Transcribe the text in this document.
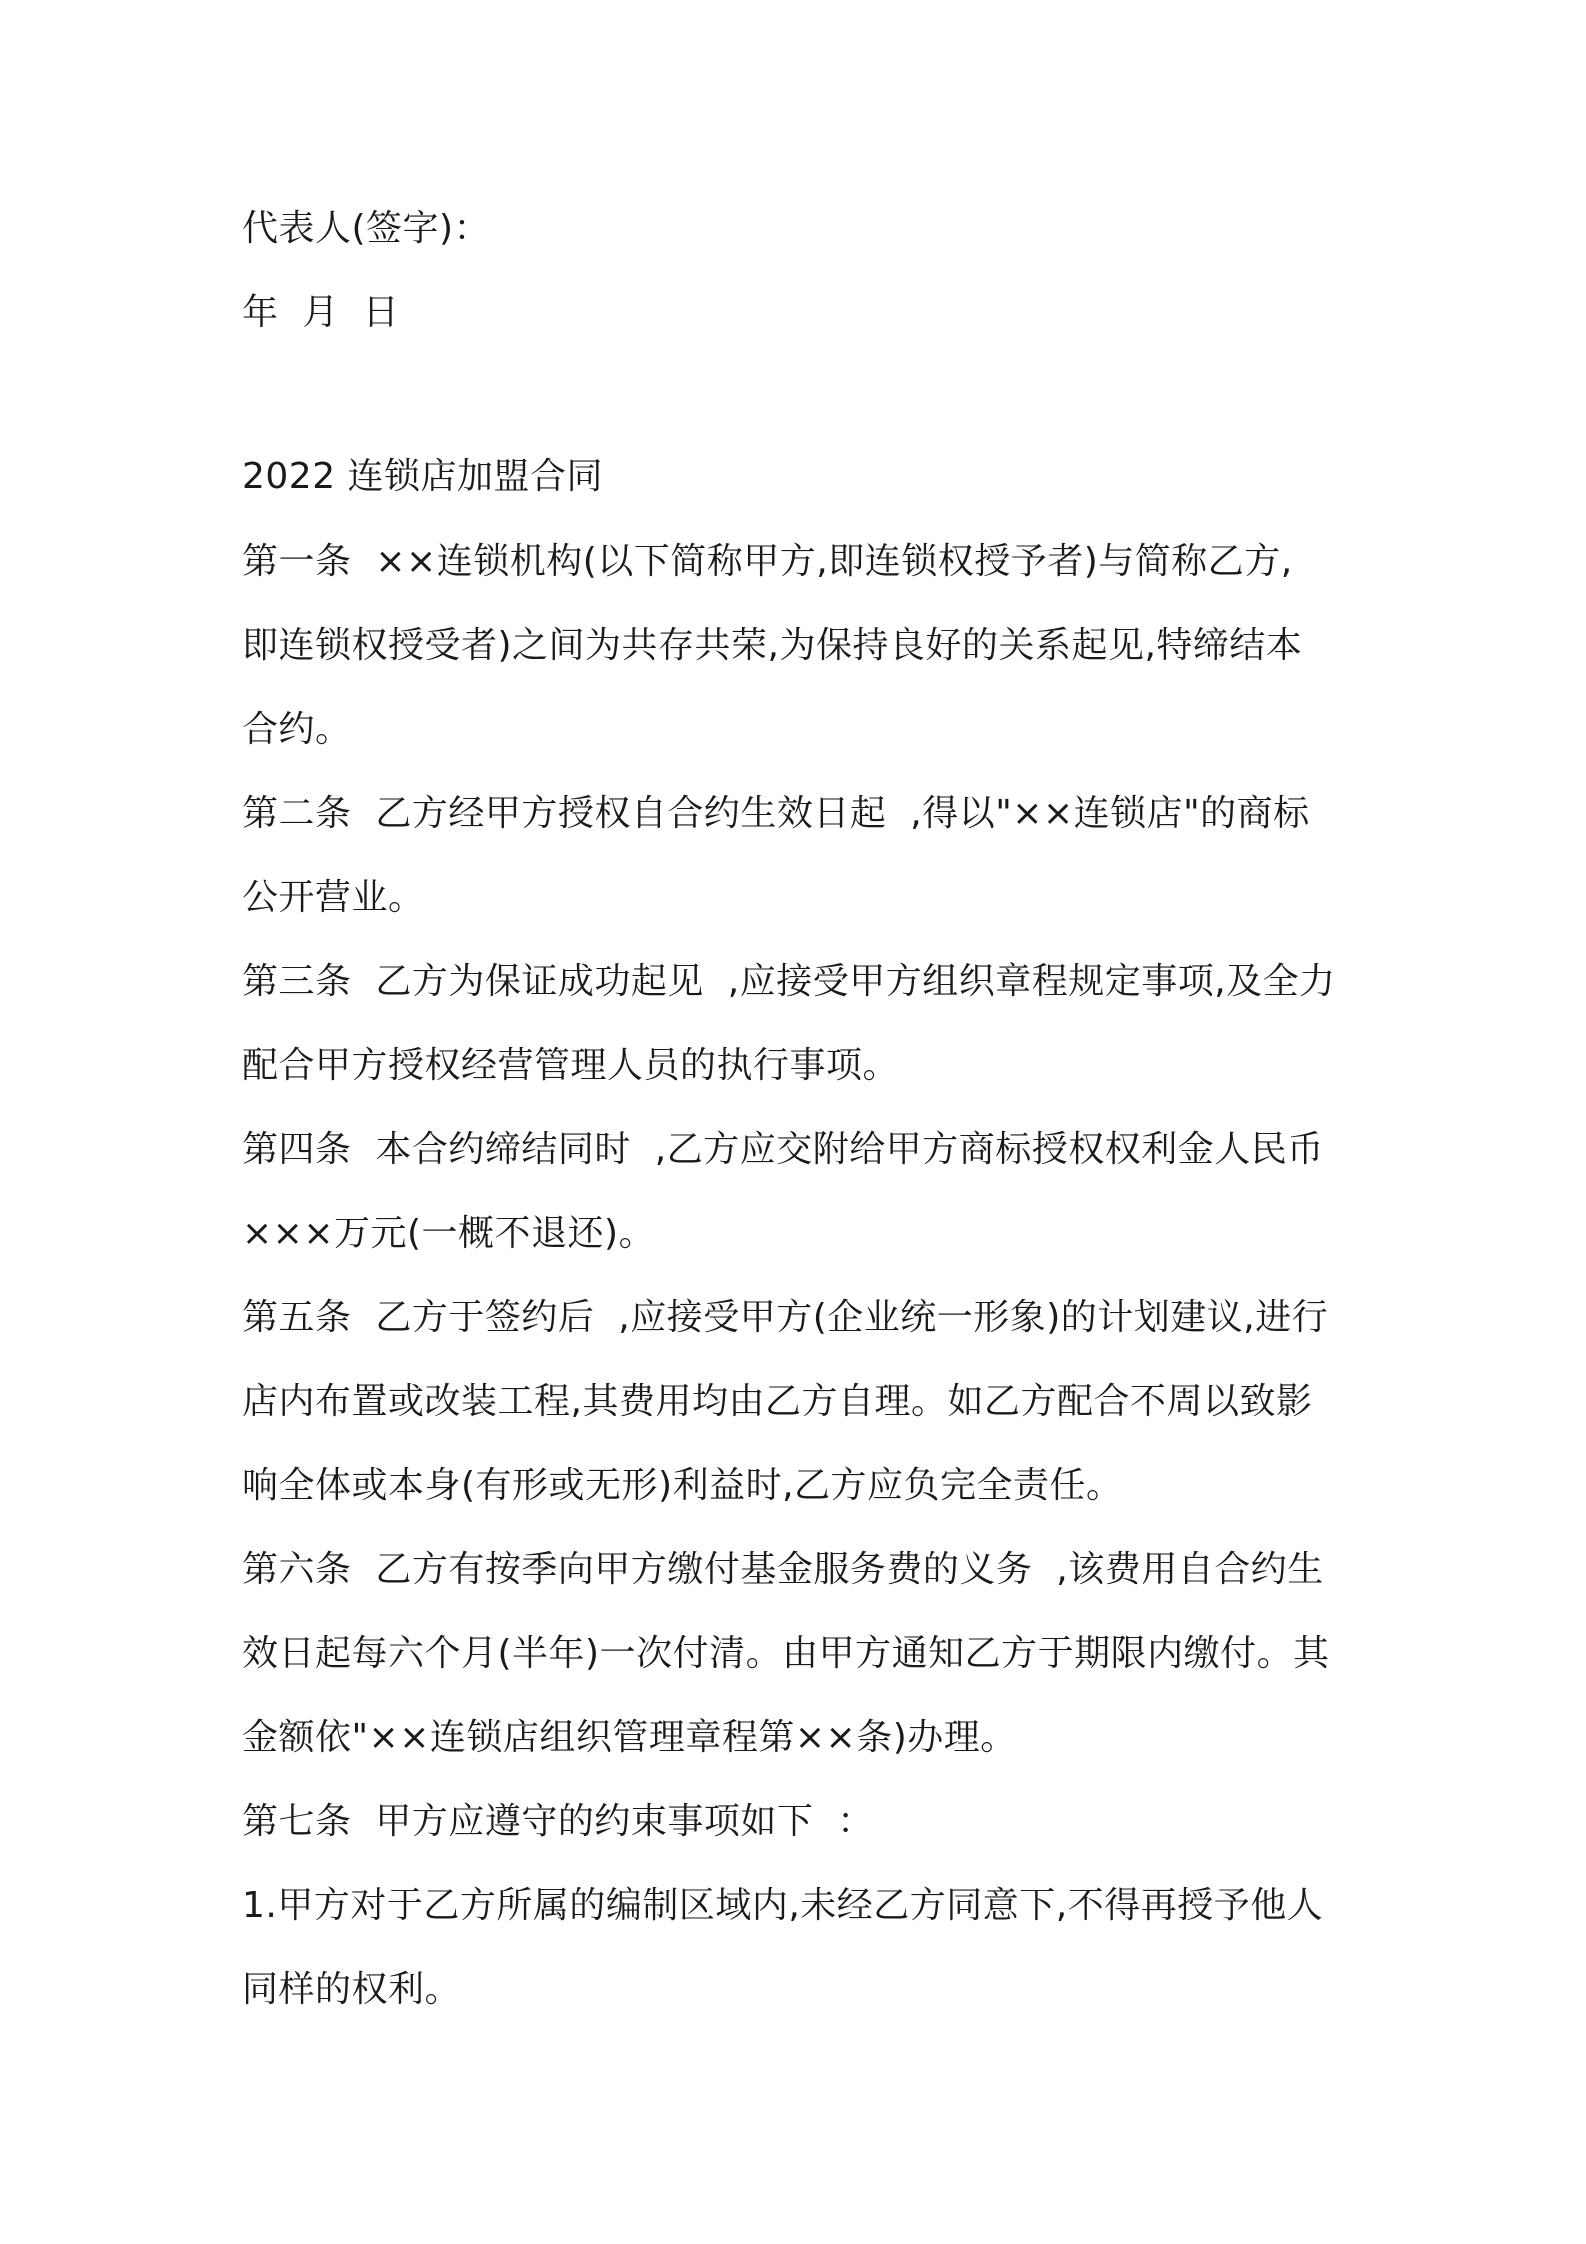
代表人(签字)：
年  月  日
2022 连锁店加盟合同
第一条  ××连锁机构(以下简称甲方,即连锁权授予者)与简称乙方,
即连锁权授受者)之间为共存共荣,为保持良好的关系起见,特缔结本
合约。
第二条  乙方经甲方授权自合约生效日起  ,得以"××连锁店"的商标
公开营业。
第三条  乙方为保证成功起见  ,应接受甲方组织章程规定事项,及全力
配合甲方授权经营管理人员的执行事项。
第四条  本合约缔结同时  ,乙方应交附给甲方商标授权权利金人民币
×××万元(一概不退还)。
第五条  乙方于签约后  ,应接受甲方(企业统一形象)的计划建议,进行
店内布置或改装工程,其费用均由乙方自理。如乙方配合不周以致影
响全体或本身(有形或无形)利益时,乙方应负完全责任。
第六条  乙方有按季向甲方缴付基金服务费的义务  ,该费用自合约生
效日起每六个月(半年)一次付清。由甲方通知乙方于期限内缴付。其
金额依"××连锁店组织管理章程第××条)办理。
第七条  甲方应遵守的约束事项如下  ：
1.甲方对于乙方所属的编制区域内,未经乙方同意下,不得再授予他人
同样的权利。
